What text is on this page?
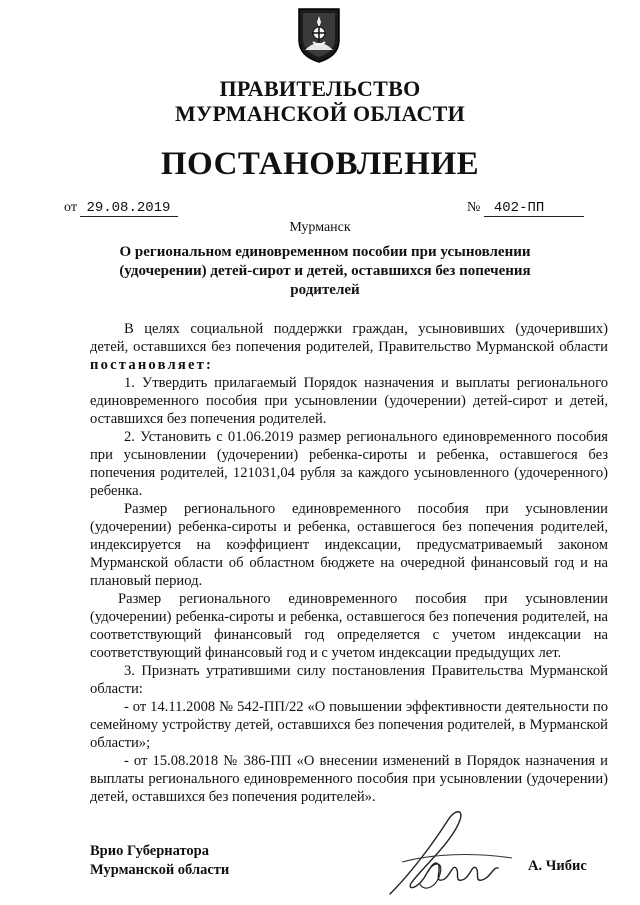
ПРАВИТЕЛЬСТВО
МУРМАНСКОЙ ОБЛАСТИ
ПОСТАНОВЛЕНИЕ
от 29.08.2019	№ 402-ПП
Мурманск
О региональном единовременном пособии при усыновлении (удочерении) детей-сирот и детей, оставшихся без попечения родителей

В целях социальной поддержки граждан, усыновивших (удочеривших) детей, оставшихся без попечения родителей, Правительство Мурманской области постановляет:

1. Утвердить прилагаемый Порядок назначения и выплаты регионального единовременного пособия при усыновлении (удочерении) детей-сирот и детей, оставшихся без попечения родителей.

2. Установить с 01.06.2019 размер регионального единовременного пособия при усыновлении (удочерении) ребенка-сироты и ребенка, оставшегося без попечения родителей, 121031,04 рубля за каждого усыновленного (удочеренного) ребенка.

Размер регионального единовременного пособия при усыновлении (удочерении) ребенка-сироты и ребенка, оставшегося без попечения родителей, индексируется на коэффициент индексации, предусматриваемый законом Мурманской области об областном бюджете на очередной финансовый год и на плановый период.

Размер регионального единовременного пособия при усыновлении (удочерении) ребенка-сироты и ребенка, оставшегося без попечения родителей, на соответствующий финансовый год определяется с учетом индексации на соответствующий финансовый год и с учетом индексации предыдущих лет.

3. Признать утратившими силу постановления Правительства Мурманской области:

- от 14.11.2008 № 542-ПП/22 «О повышении эффективности деятельности по семейному устройству детей, оставшихся без попечения родителей, в Мурманской области»;

- от 15.08.2018 № 386-ПП «О внесении изменений в Порядок назначения и выплаты регионального единовременного пособия при усыновлении (удочерении) детей, оставшихся без попечения родителей».

Врио Губернатора
Мурманской области	А. Чибис
